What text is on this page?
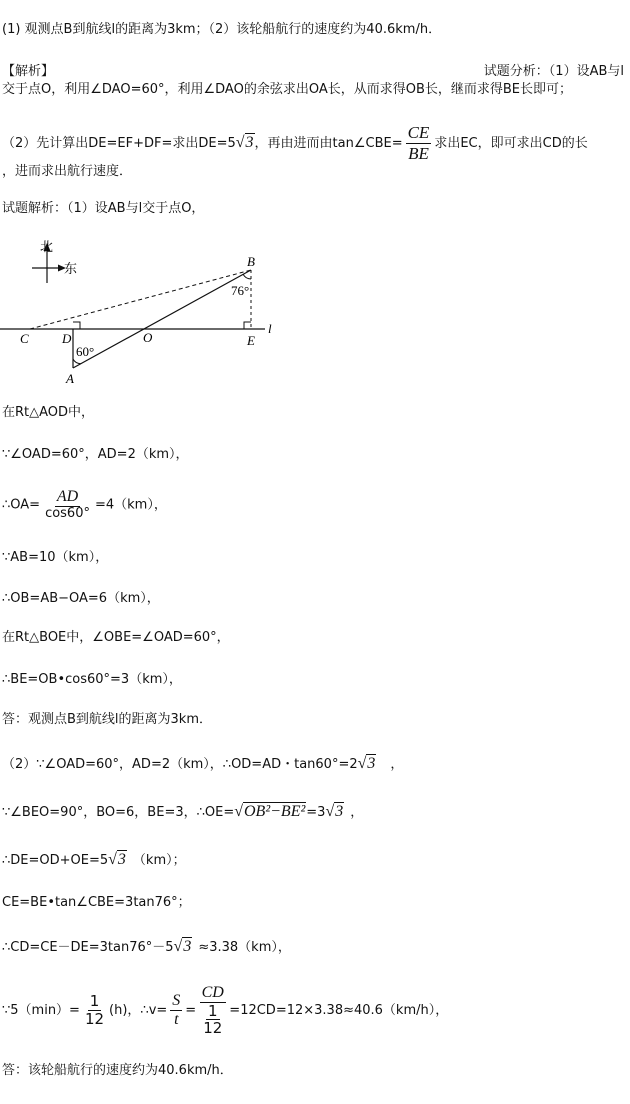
(1) 观测点B到航线l的距离为3km；（2）该轮船航行的速度约为40.6km/h．
【解析】	试题分析：（1）设AB与l
交于点O，利用∠DAO=60°，利用∠DAO的余弦求出OA长，从而求得OB长，继而求得BE长即可；
（2）先计算出DE=EF+DF=求出DE=5√3，再由进而由tan∠CBE= $\frac{CE}{BE}$ 求出EC，即可求出CD的长
，进而求出航行速度．
试题解析：（1）设AB与l交于点O，
北
东
B
76°
C	D	O	E
l
60°
A
在Rt△AOD中，
∵∠OAD=60°，AD=2（km），
∴OA= $\frac{AD}{\cos 60^\circ} =4(km)$，
∵AB=10（km），
∴OB=AB−OA=6（km），
在Rt△BOE中，∠OBE=∠OAD=60°，
∴BE=OB•cos60°=3（km），
答：观测点B到航线l的距离为3km．
（2）∵∠OAD=60°，AD=2（km），∴OD=AD・tan60°=2√3 ，
∵∠BEO=90°，BO=6，BE=3，∴OE=√OB²−BE²=3√3 ，
∴DE=OD+OE=5√3 （km）；
CE=BE•tan∠CBE=3tan76°；
∴CD=CE－DE=3tan76°－5√3 ≈3.38（km），
∵5（min）= $\frac{1}{12} (h)$，∴v= $\frac{S}{t} = \frac{CD}{\frac{1}{12}} =12CD=12\times 3.38\approx 40.6(km/h)$，
答：该轮船航行的速度约为40.6km/h．
